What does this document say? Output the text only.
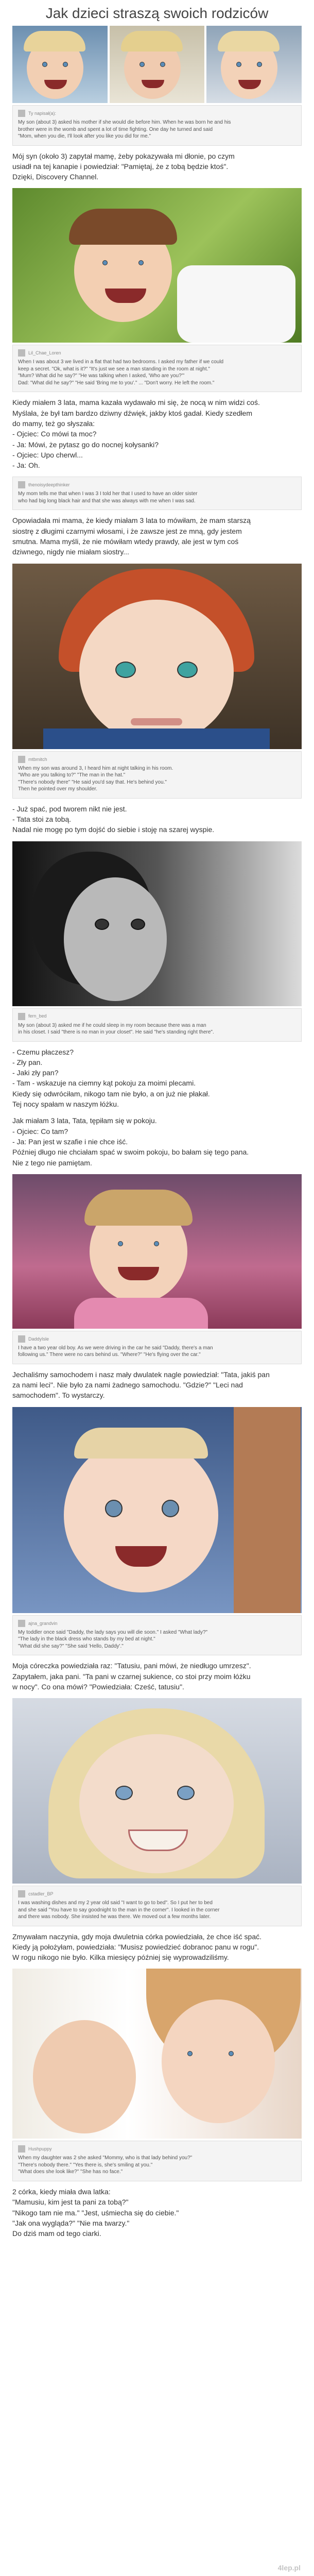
Jak dzieci straszą swoich rodziców
Ty napisał(a):
My son (about 3) asked his mother if she would die before him. When he was born he and his
brother were in the womb and spent a lot of time fighting. One day he turned and said
"Mom, when you die, I'll look after you like you did for me."
Mój syn (około 3) zapytał mamę, żeby pokazywała mi dłonie, po czym
usiadł na tej kanapie i powiedział: "Pamiętaj, że z tobą będzie ktoś".
Dzięki, Discovery Channel.
Lil_Chae_Loren
When I was about 3 we lived in a flat that had two bedrooms. I asked my father if we could
keep a secret. "Ok, what is it?" "It's just we see a man standing in the room at night."
"Mum? What did he say?" "He was talking when I asked, 'Who are you?'"
Dad: "What did he say?" "He said 'Bring me to you'." ... "Don't worry. He left the room."
Kiedy miałem 3 lata, mama kazała wydawało mi się, że nocą w nim widzi coś.
Myślała, że był tam bardzo dziwny dźwięk, jakby ktoś gadał. Kiedy szedłem
do mamy, też go słyszała:
- Ojciec: Co mówi ta moc?
- Ja: Mówi, że pytasz go do nocnej kołysanki?
- Ojciec: Upo cherwl...
- Ja: Oh.
thenoisydeepthinker
My mom tells me that when I was 3 I told her that I used to have an older sister
who had big long black hair and that she was always with me when I was sad.
Opowiadała mi mama, że kiedy miałam 3 lata to mówiłam, że mam starszą
siostrę z długimi czarnymi włosami, i że zawsze jest ze mną, gdy jestem
smutna. Mama myśli, że nie mówiłam wtedy prawdy, ale jest w tym coś
dziwnego, nigdy nie miałam siostry...
mtbmitch
When my son was around 3, I heard him at night talking in his room.
"Who are you talking to?" "The man in the hat."
"There's nobody there" "He said you'd say that. He's behind you."
Then he pointed over my shoulder.
- Już spać, pod tworem nikt nie jest.
- Tata stoi za tobą.
Nadal nie mogę po tym dojść do siebie i stoję na szarej wyspie.
fern_bed
My son (about 3) asked me if he could sleep in my room because there was a man
in his closet. I said "there is no man in your closet". He said "he's standing right there".
- Czemu płaczesz?
- Zły pan.
- Jaki zły pan?
- Tam - wskazuje na ciemny kąt pokoju za moimi plecami.
Kiedy się odwróciłam, nikogo tam nie było, a on już nie płakał.
Tej nocy spałam w naszym łóżku.
Jak miałam 3 lata, Tata, tępiłam się w pokoju.
- Ojciec: Co tam?
- Ja: Pan jest w szafie i nie chce iść.
Później długo nie chciałam spać w swoim pokoju, bo bałam się tego pana.
Nie z tego nie pamiętam.
DaddyIsle
I have a two year old boy. As we were driving in the car he said "Daddy, there's a man
following us." There were no cars behind us. "Where?" "He's flying over the car."
Jechaliśmy samochodem i nasz mały dwulatek nagle powiedział: "Tata, jakiś pan
za nami leci". Nie było za nami żadnego samochodu. "Gdzie?" "Leci nad
samochodem". To wystarczy.
ajna_grandvin
My toddler once said "Daddy, the lady says you will die soon." I asked "What lady?"
"The lady in the black dress who stands by my bed at night."
"What did she say?" "She said 'Hello, Daddy'."
Moja córeczka powiedziała raz: "Tatusiu, pani mówi, że niedługo umrzesz".
Zapytałem, jaka pani. "Ta pani w czarnej sukience, co stoi przy moim łóżku
w nocy". Co ona mówi? "Powiedziała: Cześć, tatusiu".
cstadler_BP
I was washing dishes and my 2 year old said "I want to go to bed". So I put her to bed
and she said "You have to say goodnight to the man in the corner". I looked in the corner
and there was nobody. She insisted he was there. We moved out a few months later.
Zmywałam naczynia, gdy moja dwuletnia córka powiedziała, że chce iść spać.
Kiedy ją położyłam, powiedziała: "Musisz powiedzieć dobranoc panu w rogu".
W rogu nikogo nie było. Kilka miesięcy później się wyprowadziliśmy.
Hushpuppy
When my daughter was 2 she asked "Mommy, who is that lady behind you?"
"There's nobody there." "Yes there is, she's smiling at you."
"What does she look like?" "She has no face."
2 córka, kiedy miała dwa latka:
"Mamusiu, kim jest ta pani za tobą?"
"Nikogo tam nie ma." "Jest, uśmiecha się do ciebie."
"Jak ona wygląda?" "Nie ma twarzy."
Do dziś mam od tego ciarki.
4lep.pl
